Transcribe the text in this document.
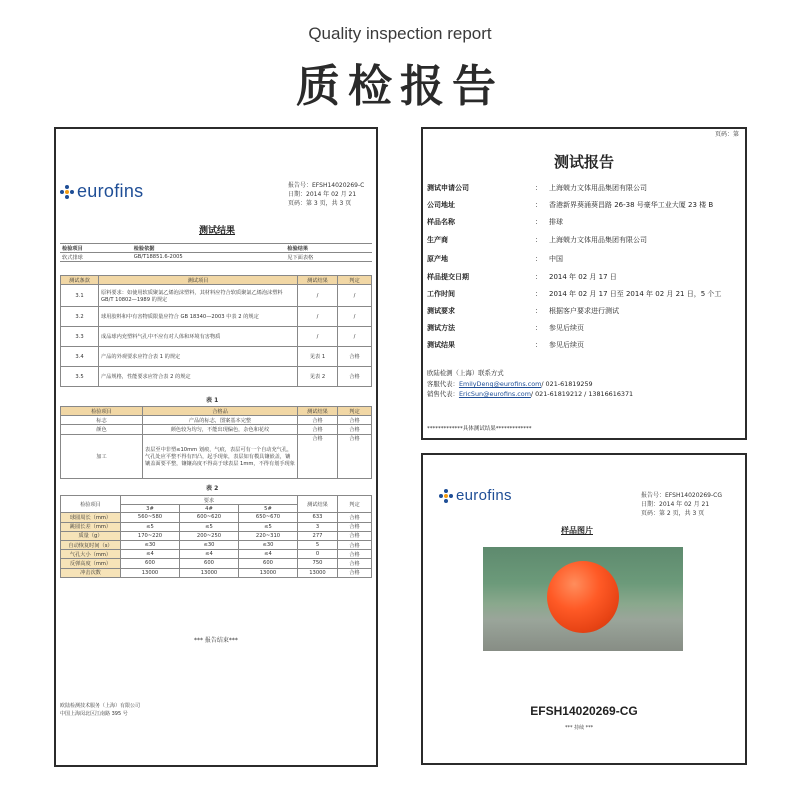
Quality inspection report
质检报告
eurofins	报告号：EFSH14020269-C
日期：2014 年 02 月 21
页码：第 3 页，共 3 页
测试结果
检验项目	检验依据	检验结果
软式排球	GB/T18851.6-2005	见下面表格
测试条款	测试项目	测试结果	判定
3.1	原料要求：如使用软质聚氯乙烯泡沫塑料，其材料应符合软质聚氯乙烯泡沫塑料 GB/T 10802—1989 的规定	/	/
3.2	球用胶料和中有害物质限量应符合 GB 18340—2003 中表 2 的规定	/	/
3.3	成品球内充塑料气孔中不应有对人体和环境有害物质	/	/
3.4	产品的外观要求应符合表 1 的规定	见表 1	合格
3.5	产品规格，性能要求应符合表 2 的规定	见表 2	合格
表 1
检验项目	合格品	测试结果	判定
标志	产品的标志，图案基本完整	合格	合格
颜色	颜色较为均匀，不能出现偏色，杂色和花纹	合格	合格
加工	表层至中非塑≤10mm 划痕，气痕，表层可有一个自动充气孔，气孔处应平整不得有凹凸，起手现象，表层如有模具镶嵌盖，镶镶盖面要平整，镶镶高度不得高于球表层 1mm，不得有划手现象	合格	合格
表 2
检验项目	要求			测试结果	判定
	3#	4#	5#		
球圆周长（mm）	560~580	600~620	650~670	633	合格
跳圆长差（mm）	≤5	≤5	≤5	3	合格
质量（g）	170~220	200~250	220~310	277	合格
自动恢复时间（s）	≤30	≤30	≤30	5	合格
气孔大小（mm）	≤4	≤4	≤4	0	合格
反弹高度（mm）	600	600	600	750	合格
冲击次数	13000	13000	13000	13000	合格
*** 报告结束***
欧陆检测技术服务（上海）有限公司
中国上海闵北区江南路 395 号
页码：第
测试报告
测试申请公司	：	上海兢力文体用品集团有限公司
公司地址	：	香港新界葵涌葵昌路 26-38 号豪华工业大厦 23 楼 B
样品名称	：	排球
生产商	：	上海兢力文体用品集团有限公司
原产地	：	中国
样品提交日期	：	2014 年 02 月 17 日
工作时间	：	2014 年 02 月 17 日至 2014 年 02 月 21 日，5 个工
测试要求	：	根据客户要求进行测试
测试方法	：	参见后续页
测试结果	：	参见后续页
欧陆检测（上海）联系方式
客服代表：EmilyDeng@eurofins.com/ 021-61819259
销售代表：EricSun@eurofins.com/ 021-61819212 / 13816616371
*************具体测试结果*************
eurofins	报告号：EFSH14020269-CG
日期：2014 年 02 月 21
页码：第 2 页，共 3 页
样品图片
EFSH14020269-CG
*** 持续 ***
